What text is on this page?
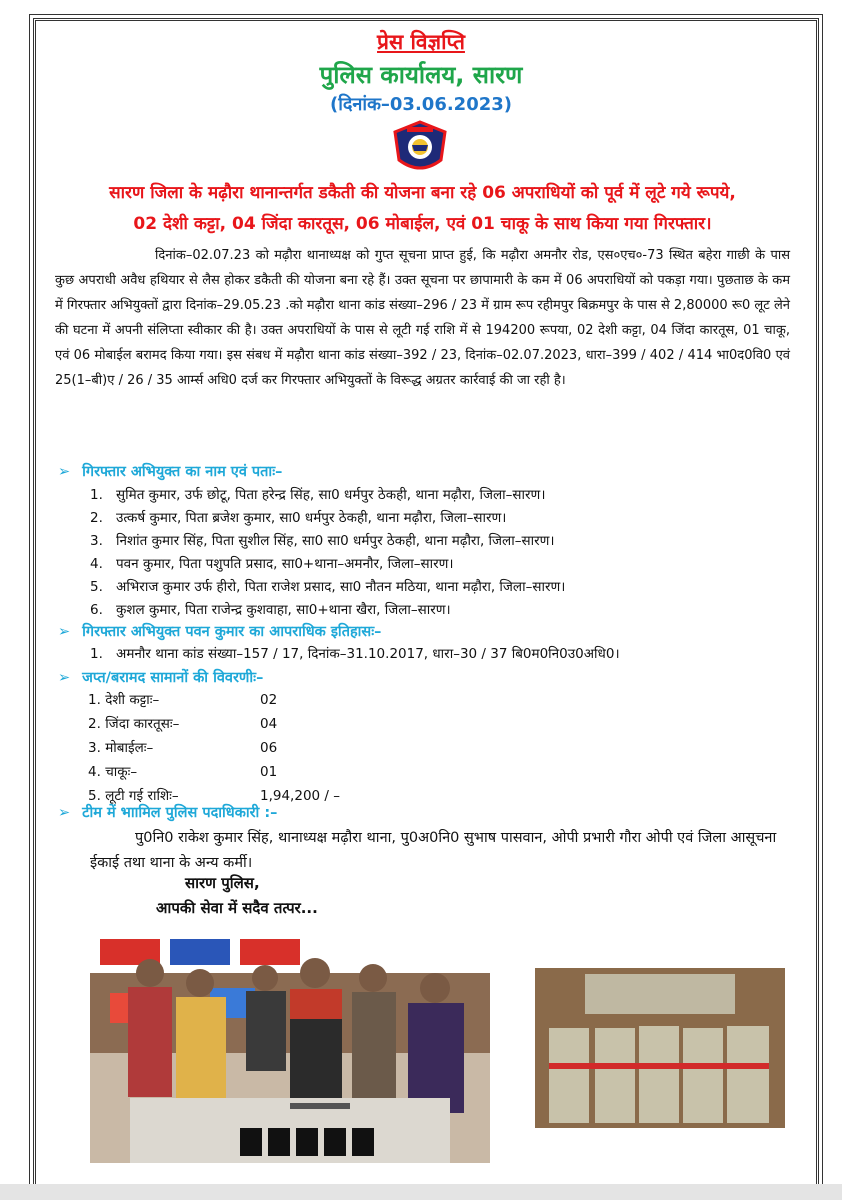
प्रेस विज्ञप्ति
पुलिस कार्यालय, सारण
(दिनांक–03.06.2023)
सारण जिला के मढ़ौरा थानान्तर्गत डकैती की योजना बना रहे 06 अपराधियों को पूर्व में लूटे गये रूपये,
02 देशी कट्टा, 04 जिंदा कारतूस, 06 मोबाईल, एवं 01 चाकू के साथ किया गया गिरफ्तार।
दिनांक–02.07.23 को मढ़ौरा थानाध्यक्ष को गुप्त सूचना प्राप्त हुई, कि मढ़ौरा अमनौर रोड, एस०एच०-73 स्थित बहेरा गाछी के पास कुछ अपराधी अवैध हथियार से लैस होकर डकैती की योजना बना रहे हैं। उक्त सूचना पर छापामारी के कम में 06 अपराधियों को पकड़ा गया। पुछताछ के कम में गिरफ्तार अभियुक्तों द्वारा दिनांक–29.05.23 .को मढ़ौरा थाना कांड संख्या–296 / 23 में ग्राम रूप रहीमपुर बिक्रमपुर के पास से 2,80000 रू0 लूट लेने की घटना में अपनी संलिप्ता स्वीकार की है। उक्त अपराधियों के पास से लूटी गई राशि में से 194200 रूपया, 02 देशी कट्टा, 04 जिंदा कारतूस, 01 चाकू, एवं 06 मोबाईल बरामद किया गया। इस संबध में मढ़ौरा थाना कांड संख्या–392 / 23, दिनांक–02.07.2023, धारा–399 / 402 / 414 भा0द0वि0 एवं 25(1–बी)ए / 26 / 35 आर्म्स अधि0 दर्ज कर गिरफ्तार अभियुक्तों के विरूद्ध अग्रतर कार्रवाई की जा रही है।
➢ गिरफ्तार अभियुक्त का नाम एवं पताः–
1. सुमित कुमार, उर्फ छोटू, पिता हरेन्द्र सिंह, सा0 धर्मपुर ठेकही, थाना मढ़ौरा, जिला–सारण।
2. उत्कर्ष कुमार, पिता ब्रजेश कुमार, सा0 धर्मपुर ठेकही, थाना मढ़ौरा, जिला–सारण।
3. निशांत कुमार सिंह, पिता सुशील सिंह, सा0 सा0 धर्मपुर ठेकही, थाना मढ़ौरा, जिला–सारण।
4. पवन कुमार, पिता पशुपति प्रसाद, सा0+थाना–अमनौर, जिला–सारण।
5. अभिराज कुमार उर्फ हीरो, पिता राजेश प्रसाद, सा0 नौतन मठिया, थाना मढ़ौरा, जिला–सारण।
6. कुशल कुमार, पिता राजेन्द्र कुशवाहा, सा0+थाना खैरा, जिला–सारण।
➢ गिरफ्तार अभियुक्त पवन कुमार का आपराधिक इतिहासः–
1. अमनौर थाना कांड संख्या–157 / 17, दिनांक–31.10.2017, धारा–30 / 37 बि0म0नि0उ0अधि0।
➢ जप्त/बरामद सामानों की विवरणीः–
1. देशी कट्टाः–	02
2. जिंदा कारतूसः–	04
3. मोबाईलः–	06
4. चाकूः–	01
5. लूटी गई राशिः–	1,94,200 / –
➢ टीम में भाामिल पुलिस पदाधिकारी :–
पु0नि0 राकेश कुमार सिंह, थानाध्यक्ष मढ़ौरा थाना, पु0अ0नि0 सुभाष पासवान, ओपी प्रभारी गौरा ओपी एवं जिला आसूचना ईकाई तथा थाना के अन्य कर्मी।
सारण पुलिस,
आपकी सेवा में सदैव तत्पर...
